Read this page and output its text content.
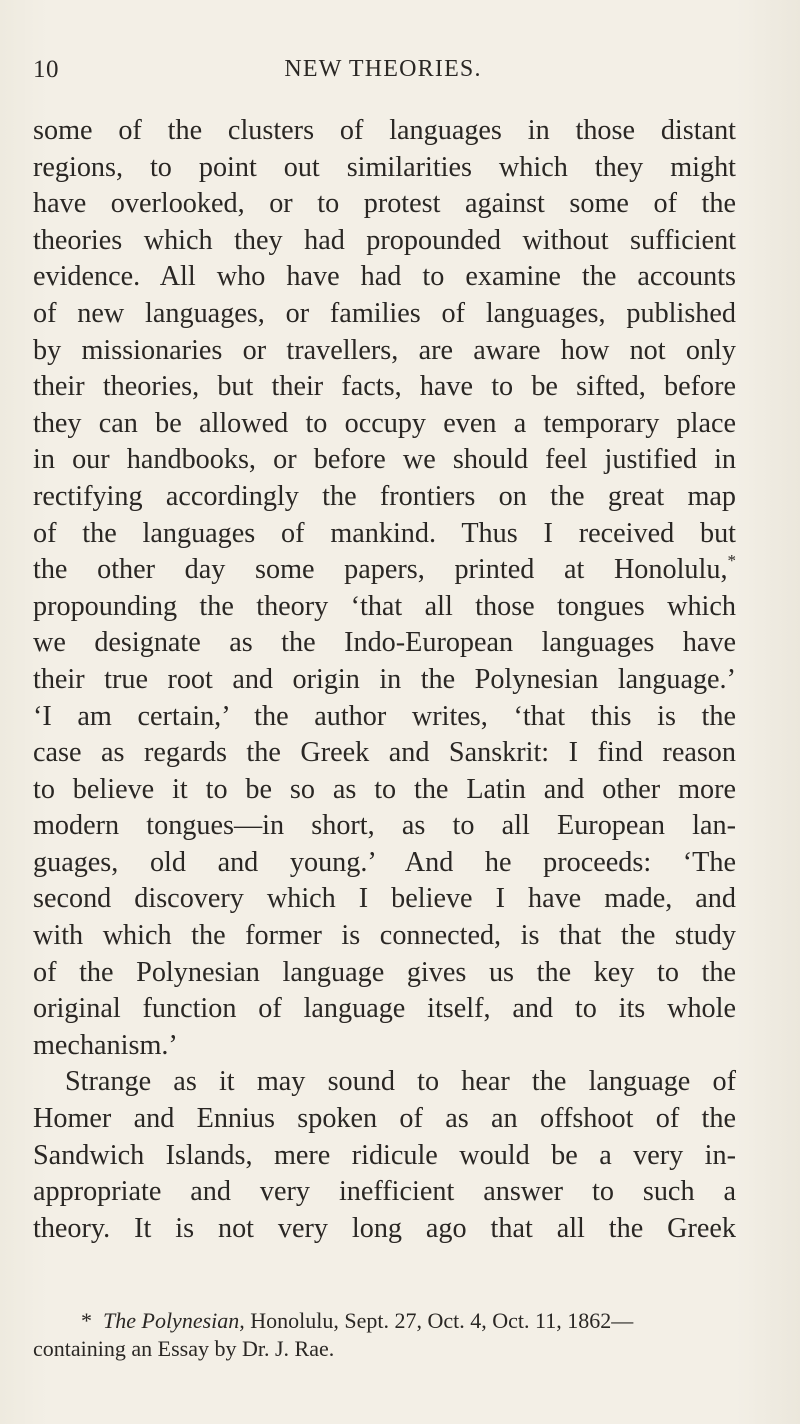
10	NEW THEORIES.

some of the clusters of languages in those distant
regions, to point out similarities which they might
have overlooked, or to protest against some of the
theories which they had propounded without sufficient
evidence. All who have had to examine the accounts
of new languages, or families of languages, published
by missionaries or travellers, are aware how not only
their theories, but their facts, have to be sifted, before
they can be allowed to occupy even a temporary place
in our handbooks, or before we should feel justified in
rectifying accordingly the frontiers on the great map
of the languages of mankind. Thus I received but
the other day some papers, printed at Honolulu,*
propounding the theory ‘that all those tongues which
we designate as the Indo-European languages have
their true root and origin in the Polynesian language.’
‘I am certain,’ the author writes, ‘that this is the
case as regards the Greek and Sanskrit: I find reason
to believe it to be so as to the Latin and other more
modern tongues—in short, as to all European lan-
guages, old and young.’ And he proceeds: ‘The
second discovery which I believe I have made, and
with which the former is connected, is that the study
of the Polynesian language gives us the key to the
original function of language itself, and to its whole
mechanism.’

Strange as it may sound to hear the language of
Homer and Ennius spoken of as an offshoot of the
Sandwich Islands, mere ridicule would be a very in-
appropriate and very inefficient answer to such a
theory. It is not very long ago that all the Greek

* The Polynesian, Honolulu, Sept. 27, Oct. 4, Oct. 11, 1862—
containing an Essay by Dr. J. Rae.
